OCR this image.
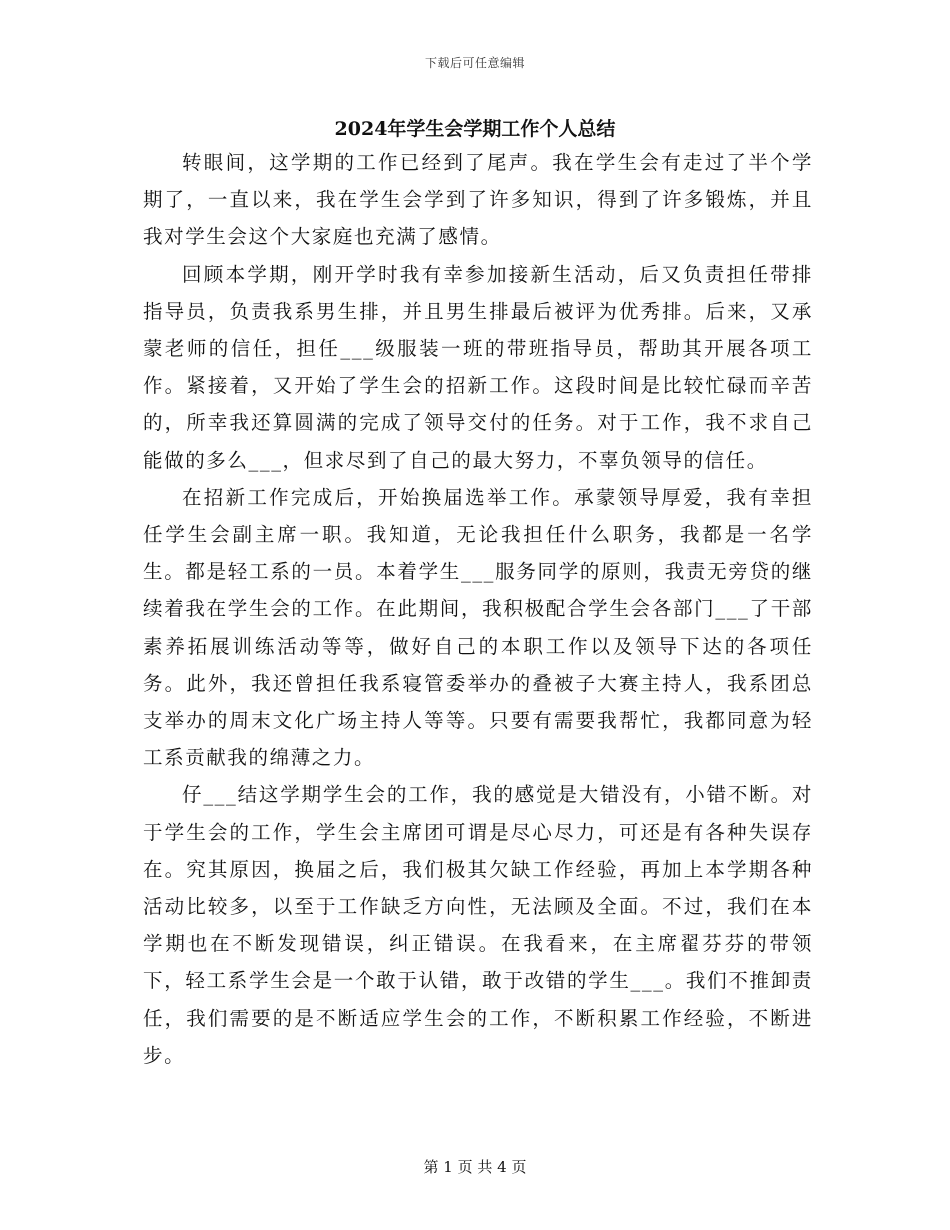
下载后可任意编辑
2024年学生会学期工作个人总结

转眼间，这学期的工作已经到了尾声。我在学生会有走过了半个学期了，一直以来，我在学生会学到了许多知识，得到了许多锻炼，并且我对学生会这个大家庭也充满了感情。

回顾本学期，刚开学时我有幸参加接新生活动，后又负责担任带排指导员，负责我系男生排，并且男生排最后被评为优秀排。后来，又承蒙老师的信任，担任___级服装一班的带班指导员，帮助其开展各项工作。紧接着，又开始了学生会的招新工作。这段时间是比较忙碌而辛苦的，所幸我还算圆满的完成了领导交付的任务。对于工作，我不求自己能做的多么___，但求尽到了自己的最大努力，不辜负领导的信任。

在招新工作完成后，开始换届选举工作。承蒙领导厚爱，我有幸担任学生会副主席一职。我知道，无论我担任什么职务，我都是一名学生。都是轻工系的一员。本着学生___服务同学的原则，我责无旁贷的继续着我在学生会的工作。在此期间，我积极配合学生会各部门___了干部素养拓展训练活动等等，做好自己的本职工作以及领导下达的各项任务。此外，我还曾担任我系寝管委举办的叠被子大赛主持人，我系团总支举办的周末文化广场主持人等等。只要有需要我帮忙，我都同意为轻工系贡献我的绵薄之力。

仔___结这学期学生会的工作，我的感觉是大错没有，小错不断。对于学生会的工作，学生会主席团可谓是尽心尽力，可还是有各种失误存在。究其原因，换届之后，我们极其欠缺工作经验，再加上本学期各种活动比较多，以至于工作缺乏方向性，无法顾及全面。不过，我们在本学期也在不断发现错误，纠正错误。在我看来，在主席翟芬芬的带领下，轻工系学生会是一个敢于认错，敢于改错的学生___。我们不推卸责任，我们需要的是不断适应学生会的工作，不断积累工作经验，不断进步。

第 1 页 共 4 页
